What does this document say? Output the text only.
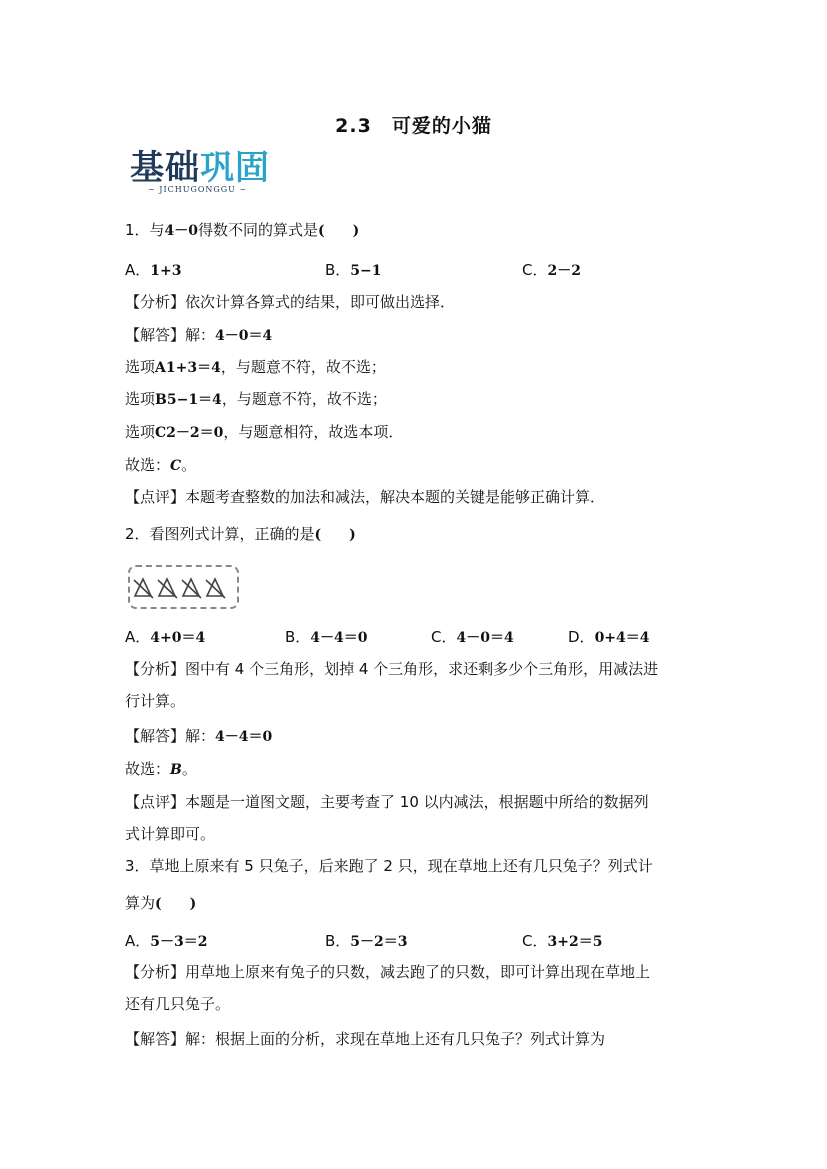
2.3　可爱的小猫
基础巩固
~ JICHUGONGGU ~
1．与4－0得数不同的算式是(　　)
A．1+3	B．5−1	C．2－2
【分析】依次计算各算式的结果，即可做出选择．
【解答】解：4－0＝4
选项A1+3＝4，与题意不符，故不选；
选项B5−1＝4，与题意不符，故不选；
选项C2－2＝0，与题意相符，故选本项．
故选：C。
【点评】本题考查整数的加法和减法，解决本题的关键是能够正确计算．
2．看图列式计算，正确的是(　　)
A．4+0＝4	B．4－4＝0	C．4－0＝4	D．0+4＝4
【分析】图中有 4 个三角形，划掉 4 个三角形，求还剩多少个三角形，用减法进
行计算。
【解答】解：4－4＝0
故选：B。
【点评】本题是一道图文题，主要考查了 10 以内减法，根据题中所给的数据列
式计算即可。
3．草地上原来有 5 只兔子，后来跑了 2 只，现在草地上还有几只兔子？列式计
算为(　　)
A．5－3＝2	B．5－2＝3	C．3+2＝5
【分析】用草地上原来有兔子的只数，减去跑了的只数，即可计算出现在草地上
还有几只兔子。
【解答】解：根据上面的分析，求现在草地上还有几只兔子？列式计算为
